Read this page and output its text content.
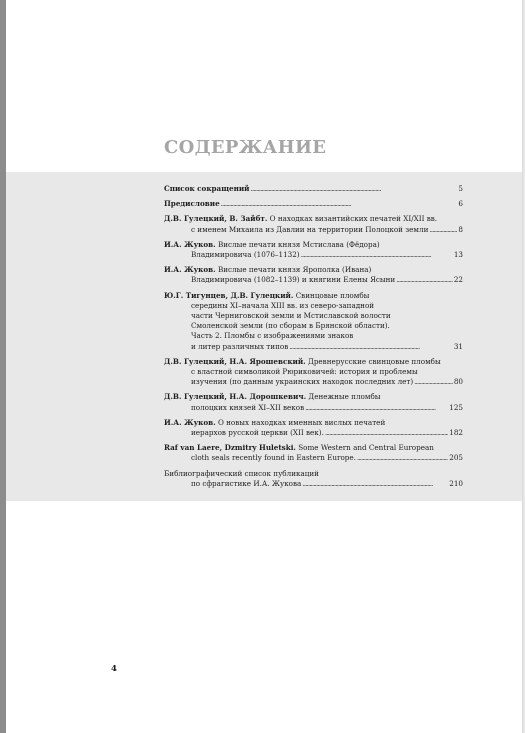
СОДЕРЖАНИЕ
Список сокращений . . .	5
Предисловие . . .	6
Д.В. Гулецкий, В. Зайбт. О находках византийских печатей XI/XII вв.
с именем Михаила из Давлии на территории Полоцкой земли . . .	8
И.А. Жуков. Вислые печати князя Мстислава (Фёдора)
Владимировича (1076–1132) . . .	13
И.А. Жуков. Вислые печати князя Ярополка (Ивана)
Владимировича (1082–1139) и княгини Елены Ясыни . . .	22
Ю.Г. Тигунцев, Д.В. Гулецкий. Свинцовые пломбы
середины XI–начала XIII вв. из северо-западной
части Черниговской земли и Мстиславской волости
Смоленской земли (по сборам в Брянской области).
Часть 2. Пломбы с изображениями знаков
и литер различных типов . . .	31
Д.В. Гулецкий, Н.А. Ярошевский. Древнерусские свинцовые пломбы
с властной символикой Рюриковичей: история и проблемы
изучения (по данным украинских находок последних лет) . . .	80
Д.В. Гулецкий, Н.А. Дорошкевич. Денежные пломбы
полоцких князей XI–XII веков . . .	125
И.А. Жуков. О новых находках именных вислых печатей
иерархов русской церкви (XII век). . . .	182
Raf van Laere, Dzmitry Huletski. Some Western and Central European
cloth seals recently found in Eastern Europe. . . .	205
Библиографический список публикаций
по сфрагистике И.А. Жукова . . .	210
4
